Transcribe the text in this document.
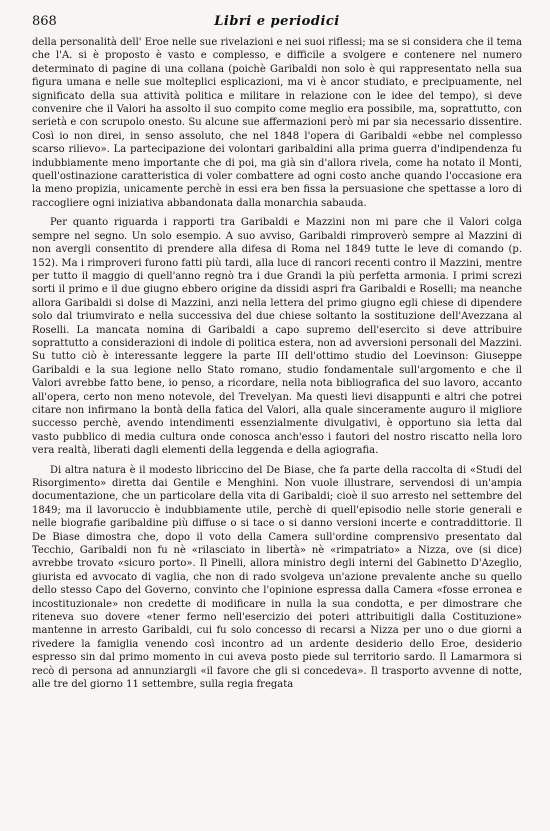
868	Libri e periodici

della personalità dell' Eroe nelle sue rivelazioni e nei suoi riflessi; ma se si considera che il tema che l'A. si è proposto è vasto e complesso, e difficile a svolgere e contenere nel numero determinato di pagine di una collana (poichè Garibaldi non solo è qui rappresentato nella sua figura umana e nelle sue molteplici esplicazioni, ma vi è ancor studiato, e precipuamente, nel significato della sua attività politica e militare in relazione con le idee del tempo), si deve convenire che il Valori ha assolto il suo compito come meglio era possibile, ma, soprattutto, con serietà e con scrupolo onesto. Su alcune sue affermazioni però mi par sia necessario dissentire. Così io non direi, in senso assoluto, che nel 1848 l'opera di Garibaldi «ebbe nel complesso scarso rilievo». La partecipazione dei volontari garibaldini alla prima guerra d'indipendenza fu indubbiamente meno importante che di poi, ma già sin d'allora rivela, come ha notato il Monti, quell'ostinazione caratteristica di voler combattere ad ogni costo anche quando l'occasione era la meno propizia, unicamente perchè in essi era ben fissa la persuasione che spettasse a loro di raccogliere ogni iniziativa abbandonata dalla monarchia sabauda.

Per quanto riguarda i rapporti tra Garibaldi e Mazzini non mi pare che il Valori colga sempre nel segno. Un solo esempio. A suo avviso, Garibaldi rimproverò sempre al Mazzini di non avergli consentito di prendere alla difesa di Roma nel 1849 tutte le leve di comando (p. 152). Ma i rimproveri furono fatti più tardi, alla luce di rancori recenti contro il Mazzini, mentre per tutto il maggio di quell'anno regnò tra i due Grandi la più perfetta armonia. I primi screzi sorti il primo e il due giugno ebbero origine da dissidi aspri fra Garibaldi e Roselli; ma neanche allora Garibaldi si dolse di Mazzini, anzi nella lettera del primo giugno egli chiese di dipendere solo dal triumvirato e nella successiva del due chiese soltanto la sostituzione dell'Avezzana al Roselli. La mancata nomina di Garibaldi a capo supremo dell'esercito si deve attribuire soprattutto a considerazioni di indole di politica estera, non ad avversioni personali del Mazzini. Su tutto ciò è interessante leggere la parte III dell'ottimo studio del Loevinson: Giuseppe Garibaldi e la sua legione nello Stato romano, studio fondamentale sull'argomento e che il Valori avrebbe fatto bene, io penso, a ricordare, nella nota bibliografica del suo lavoro, accanto all'opera, certo non meno notevole, del Trevelyan. Ma questi lievi disappunti e altri che potrei citare non infirmano la bontà della fatica del Valori, alla quale sinceramente auguro il migliore successo perchè, avendo intendimenti essenzialmente divulgativi, è opportuno sia letta dal vasto pubblico di media cultura onde conosca anch'esso i fautori del nostro riscatto nella loro vera realtà, liberati dagli elementi della leggenda e della agiografia.

Di altra natura è il modesto libriccino del De Biase, che fa parte della raccolta di «Studi del Risorgimento» diretta dai Gentile e Menghini. Non vuole illustrare, servendosi di un'ampia documentazione, che un particolare della vita di Garibaldi; cioè il suo arresto nel settembre del 1849; ma il lavoruccio è indubbiamente utile, perchè di quell'episodio nelle storie generali e nelle biografie garibaldine più diffuse o si tace o si danno versioni incerte e contraddittorie. Il De Biase dimostra che, dopo il voto della Camera sull'ordine comprensivo presentato dal Tecchio, Garibaldi non fu nè «rilasciato in libertà» nè «rimpatriato» a Nizza, ove (si dice) avrebbe trovato «sicuro porto». Il Pinelli, allora ministro degli interni del Gabinetto D'Azeglio, giurista ed avvocato di vaglia, che non di rado svolgeva un'azione prevalente anche su quello dello stesso Capo del Governo, convinto che l'opinione espressa dalla Camera «fosse erronea e incostituzionale» non credette di modificare in nulla la sua condotta, e per dimostrare che riteneva suo dovere «tener fermo nell'esercizio dei poteri attribuitigli dalla Costituzione» mantenne in arresto Garibaldi, cui fu solo concesso di recarsi a Nizza per uno o due giorni a rivedere la famiglia venendo così incontro ad un ardente desiderio dello Eroe, desiderio espresso sin dal primo momento in cui aveva posto piede sul territorio sardo. Il Lamarmora si recò di persona ad annunziargli «il favore che gli si concedeva». Il trasporto avvenne di notte, alle tre del giorno 11 settembre, sulla regia fregata
